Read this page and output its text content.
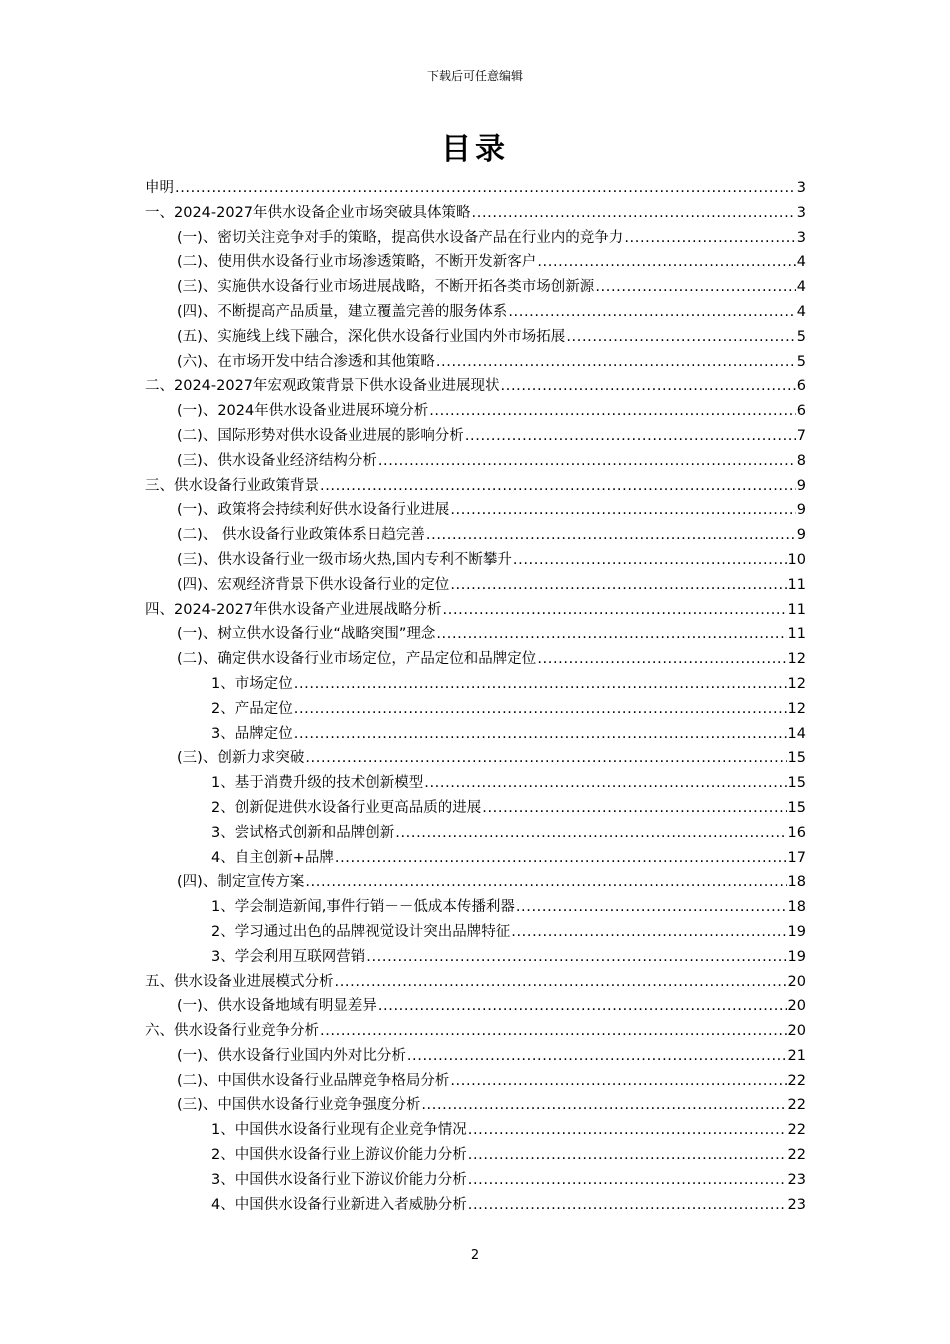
下载后可任意编辑
目录
申明 .....	3
一、2024-2027年供水设备企业市场突破具体策略 .....	3
(一)、密切关注竞争对手的策略，提高供水设备产品在行业内的竞争力 .....	3
(二)、使用供水设备行业市场渗透策略，不断开发新客户 .....	4
(三)、实施供水设备行业市场进展战略，不断开拓各类市场创新源 .....	4
(四)、不断提高产品质量，建立覆盖完善的服务体系 .....	4
(五)、实施线上线下融合，深化供水设备行业国内外市场拓展 .....	5
(六)、在市场开发中结合渗透和其他策略 .....	5
二、2024-2027年宏观政策背景下供水设备业进展现状 .....	6
(一)、2024年供水设备业进展环境分析 .....	6
(二)、国际形势对供水设备业进展的影响分析 .....	7
(三)、供水设备业经济结构分析 .....	8
三、供水设备行业政策背景 .....	9
(一)、政策将会持续利好供水设备行业进展 .....	9
(二)、 供水设备行业政策体系日趋完善 .....	9
(三)、供水设备行业一级市场火热,国内专利不断攀升 .....	10
(四)、宏观经济背景下供水设备行业的定位 .....	11
四、2024-2027年供水设备产业进展战略分析 .....	11
(一)、树立供水设备行业“战略突围”理念 .....	11
(二)、确定供水设备行业市场定位，产品定位和品牌定位 .....	12
1、市场定位 .....	12
2、产品定位 .....	12
3、品牌定位 .....	14
(三)、创新力求突破 .....	15
1、基于消费升级的技术创新模型 .....	15
2、创新促进供水设备行业更高品质的进展 .....	15
3、尝试格式创新和品牌创新 .....	16
4、自主创新+品牌 .....	17
(四)、制定宣传方案 .....	18
1、学会制造新闻,事件行销－－低成本传播利器 .....	18
2、学习通过出色的品牌视觉设计突出品牌特征 .....	19
3、学会利用互联网营销 .....	19
五、供水设备业进展模式分析 .....	20
(一)、供水设备地域有明显差异 .....	20
六、供水设备行业竞争分析 .....	20
(一)、供水设备行业国内外对比分析 .....	21
(二)、中国供水设备行业品牌竞争格局分析 .....	22
(三)、中国供水设备行业竞争强度分析 .....	22
1、中国供水设备行业现有企业竞争情况 .....	22
2、中国供水设备行业上游议价能力分析 .....	22
3、中国供水设备行业下游议价能力分析 .....	23
4、中国供水设备行业新进入者威胁分析 .....	23
2
